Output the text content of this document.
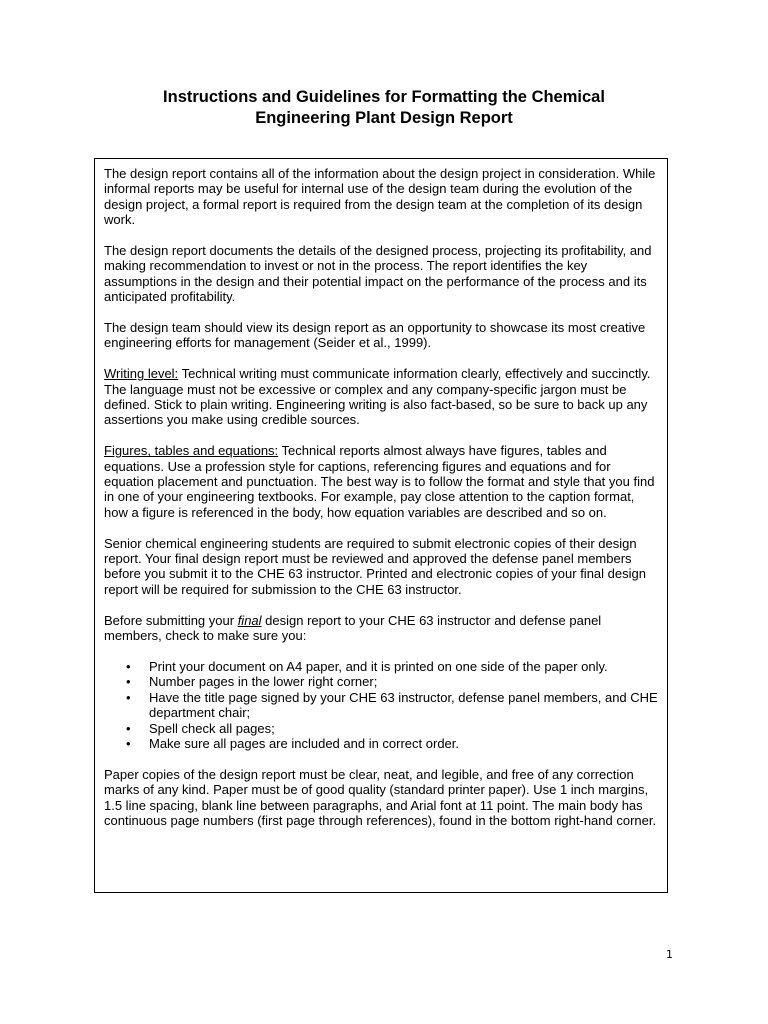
Instructions and Guidelines for Formatting the Chemical
Engineering Plant Design Report

The design report contains all of the information about the design project in consideration. While informal reports may be useful for internal use of the design team during the evolution of the design project, a formal report is required from the design team at the completion of its design work.

The design report documents the details of the designed process, projecting its profitability, and making recommendation to invest or not in the process. The report identifies the key assumptions in the design and their potential impact on the performance of the process and its anticipated profitability.

The design team should view its design report as an opportunity to showcase its most creative engineering efforts for management (Seider et al., 1999).

Writing level: Technical writing must communicate information clearly, effectively and succinctly. The language must not be excessive or complex and any company-specific jargon must be defined. Stick to plain writing. Engineering writing is also fact-based, so be sure to back up any assertions you make using credible sources.

Figures, tables and equations: Technical reports almost always have figures, tables and equations. Use a profession style for captions, referencing figures and equations and for equation placement and punctuation. The best way is to follow the format and style that you find in one of your engineering textbooks. For example, pay close attention to the caption format, how a figure is referenced in the body, how equation variables are described and so on.

Senior chemical engineering students are required to submit electronic copies of their design report. Your final design report must be reviewed and approved the defense panel members before you submit it to the CHE 63 instructor. Printed and electronic copies of your final design report will be required for submission to the CHE 63 instructor.

Before submitting your final design report to your CHE 63 instructor and defense panel members, check to make sure you:

• Print your document on A4 paper, and it is printed on one side of the paper only.
• Number pages in the lower right corner;
• Have the title page signed by your CHE 63 instructor, defense panel members, and CHE department chair;
• Spell check all pages;
• Make sure all pages are included and in correct order.

Paper copies of the design report must be clear, neat, and legible, and free of any correction marks of any kind. Paper must be of good quality (standard printer paper). Use 1 inch margins, 1.5 line spacing, blank line between paragraphs, and Arial font at 11 point. The main body has continuous page numbers (first page through references), found in the bottom right-hand corner.

1
